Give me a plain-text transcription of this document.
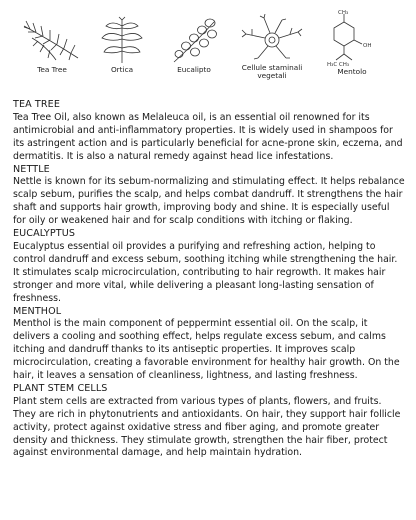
Tea Tree	Ortica	Eucalipto	Cellule staminali
vegetali
CH₃
OH
H₃C CH₃
Mentolo

TEA TREE

Tea Tree Oil, also known as Melaleuca oil, is an essential oil renowned for its antimicrobial and anti-inflammatory properties. It is widely used in shampoos for its astringent action and is particularly beneficial for acne-prone skin, eczema, and dermatitis. It is also a natural remedy against head lice infestations.

NETTLE

Nettle is known for its sebum-normalizing and stimulating effect. It helps rebalance scalp sebum, purifies the scalp, and helps combat dandruff. It strengthens the hair shaft and supports hair growth, improving body and shine. It is especially useful for oily or weakened hair and for scalp conditions with itching or flaking.

EUCALYPTUS

Eucalyptus essential oil provides a purifying and refreshing action, helping to control dandruff and excess sebum, soothing itching while strengthening the hair. It stimulates scalp microcirculation, contributing to hair regrowth. It makes hair stronger and more vital, while delivering a pleasant long-lasting sensation of freshness.

MENTHOL

Menthol is the main component of peppermint essential oil. On the scalp, it delivers a cooling and soothing effect, helps regulate excess sebum, and calms itching and dandruff thanks to its antiseptic properties. It improves scalp microcirculation, creating a favorable environment for healthy hair growth. On the hair, it leaves a sensation of cleanliness, lightness, and lasting freshness.

PLANT STEM CELLS

Plant stem cells are extracted from various types of plants, flowers, and fruits. They are rich in phytonutrients and antioxidants. On hair, they support hair follicle activity, protect against oxidative stress and fiber aging, and promote greater density and thickness. They stimulate growth, strengthen the hair fiber, protect against environmental damage, and help maintain hydration.
